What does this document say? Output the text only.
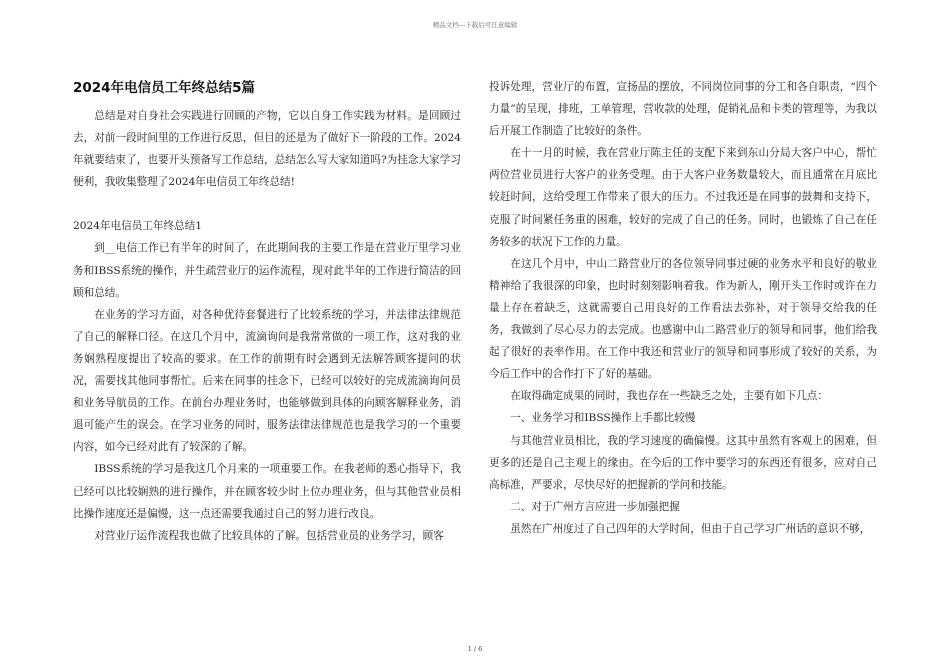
精品文档---下载后可任意编辑
2024年电信员工年终总结5篇

总结是对自身社会实践进行回顾的产物，它以自身工作实践为材料。是回顾过去，对前一段时间里的工作进行反思，但目的还是为了做好下一阶段的工作。2024年就要结束了，也要开头预备写工作总结，总结怎么写大家知道吗?为挂念大家学习便利，我收集整理了2024年电信员工年终总结!

2024年电信员工年终总结1

到__电信工作已有半年的时间了，在此期间我的主要工作是在营业厅里学习业务和IBSS系统的操作，并生疏营业厅的运作流程，现对此半年的工作进行简洁的回顾和总结。

在业务的学习方面，对各种优待套餐进行了比较系统的学习，并法律法律规范了自己的解释口径。在这几个月中，流滴询问是我常常做的一项工作，这对我的业务娴熟程度提出了较高的要求。在工作的前期有时会遇到无法解答顾客提问的状况，需要找其他同事帮忙。后来在同事的挂念下，已经可以较好的完成流滴询问员和业务导航员的工作。在前台办理业务时，也能够做到具体的向顾客解释业务，消退可能产生的误会。在学习业务的同时，服务法律法律规范也是我学习的一个重要内容，如今已经对此有了较深的了解。

IBSS系统的学习是我这几个月来的一项重要工作。在我老师的悉心指导下，我已经可以比较娴熟的进行操作，并在顾客较少时上位办理业务，但与其他营业员相比操作速度还是偏慢，这一点还需要我通过自己的努力进行改良。

对营业厅运作流程我也做了比较具体的了解。包括营业员的业务学习，顾客

投诉处理，营业厅的布置，宣扬品的摆放，不同岗位同事的分工和各自职责，“四个力量”的呈现，排班，工单管理，营收款的处理，促销礼品和卡类的管理等，为我以后开展工作制造了比较好的条件。

在十一月的时候，我在营业厅陈主任的支配下来到东山分局大客户中心，帮忙两位营业员进行大客户的业务受理。由于大客户业务数量较大，而且通常在月底比较赶时间，这给受理工作带来了很大的压力。不过我还是在同事的鼓舞和支持下，克服了时间紧任务重的困难，较好的完成了自己的任务。同时，也锻炼了自己在任务较多的状况下工作的力量。

在这几个月中，中山二路营业厅的各位领导同事过硬的业务水平和良好的敬业精神给了我很深的印象，也时时刻刻影响着我。作为新人，刚开头工作时或许在力量上存在着缺乏，这就需要自己用良好的工作看法去弥补，对于领导交给我的任务，我做到了尽心尽力的去完成。也感谢中山二路营业厅的领导和同事，他们给我起了很好的表率作用。在工作中我还和营业厅的领导和同事形成了较好的关系，为今后工作中的合作打下了好的基础。

在取得确定成果的同时，我也存在一些缺乏之处，主要有如下几点：

一、业务学习和IBSS操作上手都比较慢

与其他营业员相比，我的学习速度的确偏慢。这其中虽然有客观上的困难，但更多的还是自己主观上的缘由。在今后的工作中要学习的东西还有很多，应对自己高标准，严要求，尽快尽好的把握新的学问和技能。

二、对于广州方言应进一步加强把握

虽然在广州度过了自己四年的大学时间，但由于自己学习广州话的意识不够，

1 / 6
